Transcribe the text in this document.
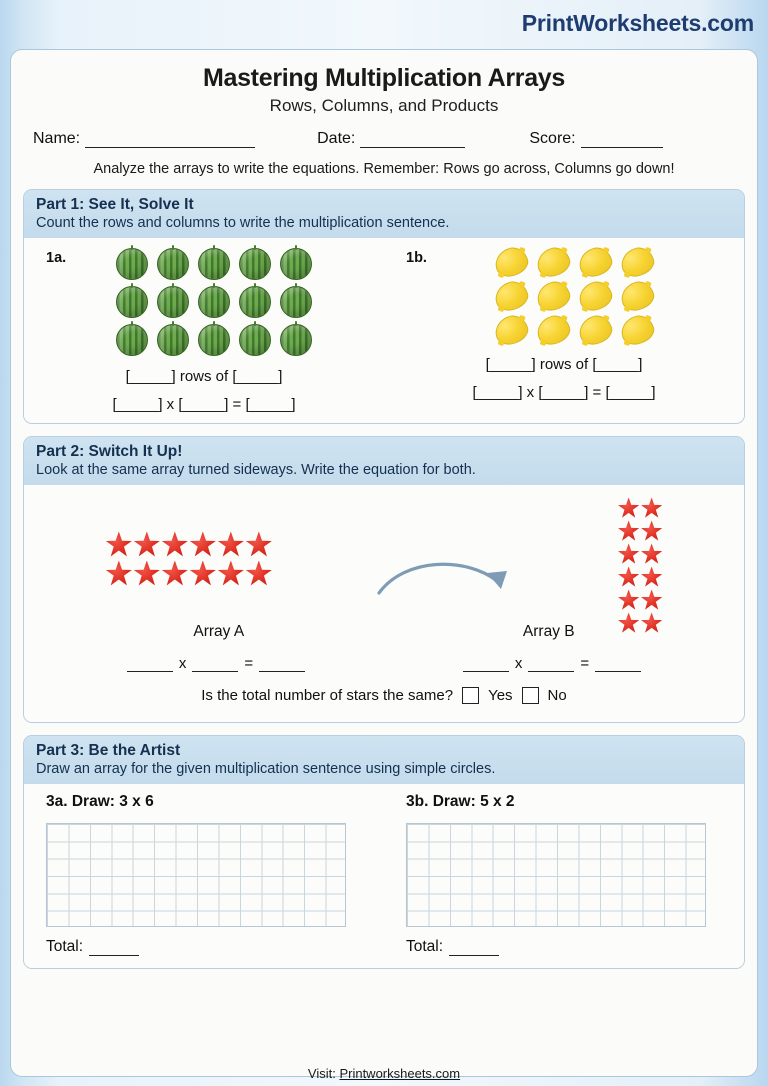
PrintWorksheets.com
Mastering Multiplication Arrays
Rows, Columns, and Products
Name:	Date:	Score:
Analyze the arrays to write the equations. Remember: Rows go across, Columns go down!
Part 1: See It, Solve It
Count the rows and columns to write the multiplication sentence.
1a.
[_____] rows of [_____]
[_____] x [_____] = [_____]
1b.
[_____] rows of [_____]
[_____] x [_____] = [_____]
Part 2: Switch It Up!
Look at the same array turned sideways. Write the equation for both.
Array A	Array B
x	=	x	=
Is the total number of stars the same? Yes No
Part 3: Be the Artist
Draw an array for the given multiplication sentence using simple circles.
3a. Draw: 3 x 6
Total:
3b. Draw: 5 x 2
Total:
Visit: Printworksheets.com
